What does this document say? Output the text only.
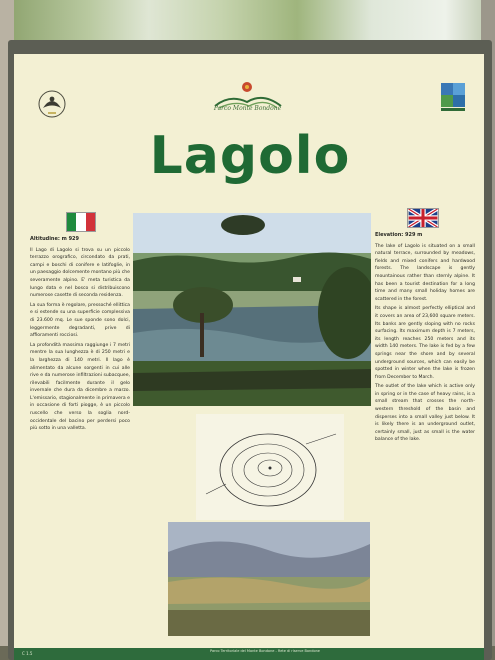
Parco Monte Bondone
Lagolo
Altitudine: m 929

Il Lago di Lagolo si trova su un piccolo terrazzo orografico, circondato da prati, campi e boschi di conifere e latifoglie, in un paesaggio dolcemente montano più che severamente alpino. E' meta turistica da lungo data e nel bosco si distribuiscono numerose casette di seconda residenza.

La sua forma è regolare, pressoché ellittica e si estende su una superficie complessiva di 23.600 mq. Le sue sponde sono dolci, leggermente degradanti, prive di affioramenti rocciosi.

La profondità massima raggiunge i 7 metri mentre la sua lunghezza è di 250 metri e la larghezza di 140 metri. Il lago è alimentato da alcune sorgenti in cui alle rive e da numerose infiltrazioni subacquee, rilevabili facilmente durante il gelo invernale che dura da dicembre a marzo. L'emissario, stagionalmente in primavera e in occasione di forti piogge, è un piccolo ruscello che verso la soglia nord-occidentale del bacino per perdersi poco più sotto in una valletta.

Elevation: 929 m

The lake of Lagolo is situated on a small natural terrace, surrounded by meadows, fields and mixed conifers and hardwood forests. The landscape is gently mountainous rather than sternly alpine. It has been a tourist destination for a long time and many small holiday homes are scattered in the forest.

Its shape is almost perfectly elliptical and it covers an area of 23,600 square meters. Its banks are gently sloping with no rocks surfacing. Its maximum depth is 7 meters, its length reaches 250 meters and its width 140 meters. The lake is fed by a few springs near the shore and by several underground sources, which can easily be spotted in winter when the lake is frozen from December to March.

The outlet of the lake which is active only in spring or in the case of heavy rains, is a small stream that crosses the north-western threshold of the basin and disperses into a small valley just below. It is likely there is an underground outlet, certainly small, just as small is the water balance of the lake.

C 1.5	Parco Territoriale del Monte Bondone - Rete di riserve Bondone
